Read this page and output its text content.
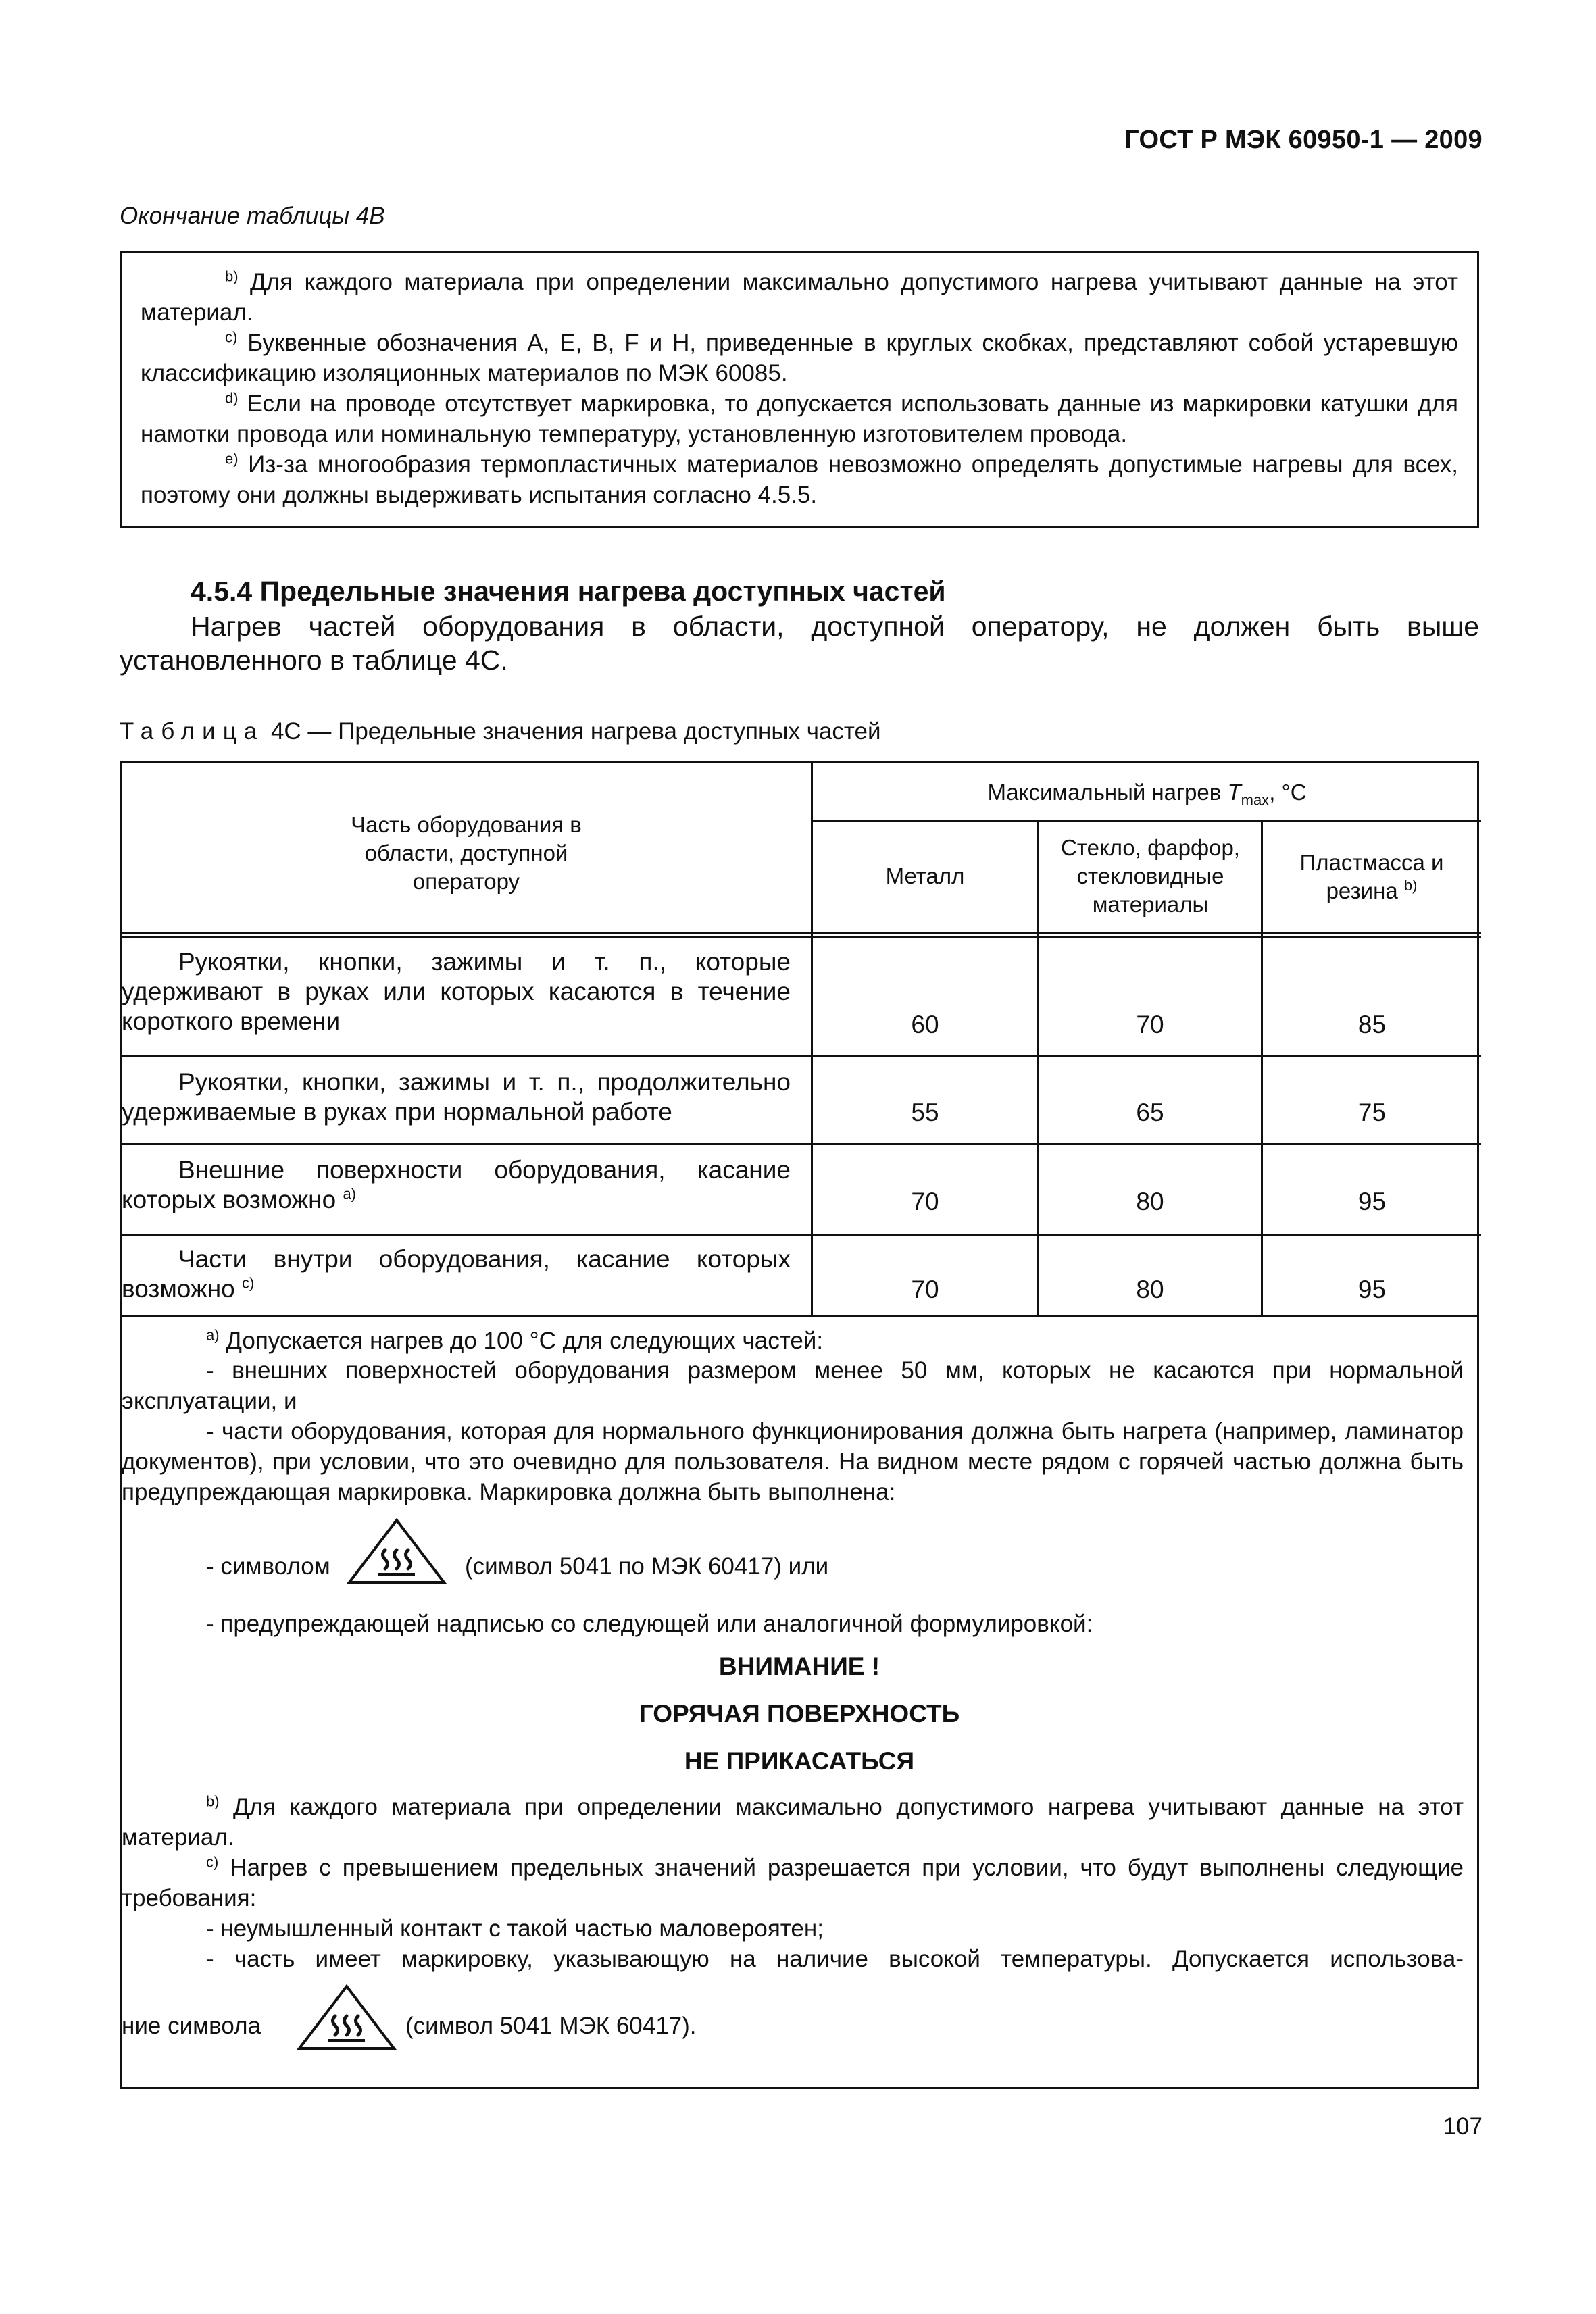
ГОСТ Р МЭК 60950-1 — 2009
Окончание таблицы 4В

$^{b)}$ Для каждого материала при определении максимально допустимого нагрева учитывают данные на этот материал.

$^{c)}$ Буквенные обозначения А, Е, В, F и Н, приведенные в круглых скобках, представляют собой устаревшую классификацию изоляционных материалов по МЭК 60085.

$^{d)}$ Если на проводе отсутствует маркировка, то допускается использовать данные из маркировки катушки для намотки провода или номинальную температуру, установленную изготовителем провода.

$^{e)}$ Из-за многообразия термопластичных материалов невозможно определять допустимые нагревы для всех, поэтому они должны выдерживать испытания согласно 4.5.5.

4.5.4 Предельные значения нагрева доступных частей
Нагрев частей оборудования в области, доступной оператору, не должен быть выше установленного в таблице 4С.
Таблица 4С — Предельные значения нагрева доступных частей
Часть оборудования в области, доступной оператору
Максимальный нагрев $T_{max}$, °С
Металл
Стекло, фарфор, стекловидные материалы
Пластмасса и резина $^{b)}$
Рукоятки, кнопки, зажимы и т. п., которые удерживают в руках или которых касаются в течение короткого времени	60	70	85
Рукоятки, кнопки, зажимы и т. п., продолжительно удерживаемые в руках при нормальной работе	55	65	75
Внешние поверхности оборудования, касание которых возможно $^{a)}$	70	80	95
Части внутри оборудования, касание которых возможно $^{c)}$	70	80	95
$^{a)}$ Допускается нагрев до 100 °С для следующих частей:
- внешних поверхностей оборудования размером менее 50 мм, которых не касаются при нормальной эксплуатации, и
- части оборудования, которая для нормального функционирования должна быть нагрета (например, ламинатор документов), при условии, что это очевидно для пользователя. На видном месте рядом с горячей частью должна быть предупреждающая маркировка. Маркировка должна быть выполнена:
- символом	(символ 5041 по МЭК 60417) или
- предупреждающей надписью со следующей или аналогичной формулировкой:
ВНИМАНИЕ !
ГОРЯЧАЯ ПОВЕРХНОСТЬ
НЕ ПРИКАСАТЬСЯ
$^{b)}$ Для каждого материала при определении максимально допустимого нагрева учитывают данные на этот материал.
$^{c)}$ Нагрев с превышением предельных значений разрешается при условии, что будут выполнены следующие требования:
- неумышленный контакт с такой частью маловероятен;
- часть имеет маркировку, указывающую на наличие высокой температуры. Допускается использова-
ние символа	(символ 5041 МЭК 60417).
107
